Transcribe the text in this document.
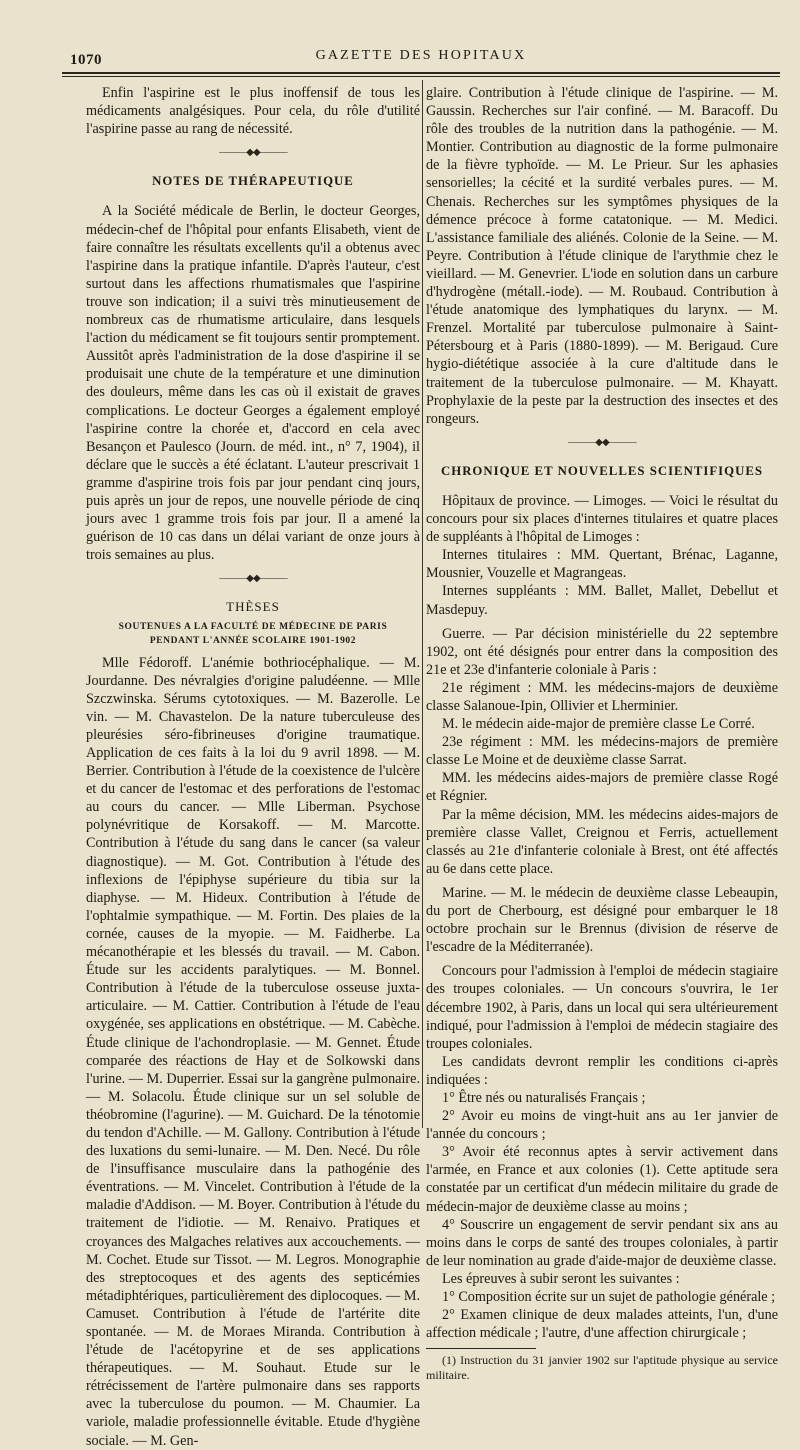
1070	GAZETTE DES HOPITAUX

Enfin l'aspirine est le plus inoffensif de tous les médicaments analgésiques. Pour cela, du rôle d'utilité l'aspirine passe au rang de nécessité.

———◆◆———
NOTES DE THÉRAPEUTIQUE

A la Société médicale de Berlin, le docteur Georges, médecin-chef de l'hôpital pour enfants Elisabeth, vient de faire connaître les résultats excellents qu'il a obtenus avec l'aspirine dans la pratique infantile. D'après l'auteur, c'est surtout dans les affections rhumatismales que l'aspirine trouve son indication; il a suivi très minutieusement de nombreux cas de rhumatisme articulaire, dans lesquels l'action du médicament se fit toujours sentir promptement. Aussitôt après l'administration de la dose d'aspirine il se produisait une chute de la température et une diminution des douleurs, même dans les cas où il existait de graves complications. Le docteur Georges a également employé l'aspirine contre la chorée et, d'accord en cela avec Besançon et Paulesco (Journ. de méd. int., n° 7, 1904), il déclare que le succès a été éclatant. L'auteur prescrivait 1 gramme d'aspirine trois fois par jour pendant cinq jours, puis après un jour de repos, une nouvelle période de cinq jours avec 1 gramme trois fois par jour. Il a amené la guérison de 10 cas dans un délai variant de onze jours à trois semaines au plus.

———◆◆———
THÈSES
SOUTENUES A LA FACULTÉ DE MÉDECINE DE PARIS
PENDANT L'ANNÉE SCOLAIRE 1901-1902

Mlle Fédoroff. L'anémie bothriocéphalique. — M. Jourdanne. Des névralgies d'origine paludéenne. — Mlle Szczwinska. Sérums cytotoxiques. — M. Bazerolle. Le vin. — M. Chavastelon. De la nature tuberculeuse des pleurésies séro-fibrineuses d'origine traumatique. Application de ces faits à la loi du 9 avril 1898. — M. Berrier. Contribution à l'étude de la coexistence de l'ulcère et du cancer de l'estomac et des perforations de l'estomac au cours du cancer. — Mlle Liberman. Psychose polynévritique de Korsakoff. — M. Marcotte. Contribution à l'étude du sang dans le cancer (sa valeur diagnostique). — M. Got. Contribution à l'étude des inflexions de l'épiphyse supérieure du tibia sur la diaphyse. — M. Hideux. Contribution à l'étude de l'ophtalmie sympathique. — M. Fortin. Des plaies de la cornée, causes de la myopie. — M. Faidherbe. La mécanothérapie et les blessés du travail. — M. Cabon. Étude sur les accidents paralytiques. — M. Bonnel. Contribution à l'étude de la tuberculose osseuse juxta-articulaire. — M. Cattier. Contribution à l'étude de l'eau oxygénée, ses applications en obstétrique. — M. Cabèche. Étude clinique de l'achondroplasie. — M. Gennet. Étude comparée des réactions de Hay et de Solkowski dans l'urine. — M. Duperrier. Essai sur la gangrène pulmonaire. — M. Solacolu. Étude clinique sur un sel soluble de théobromine (l'agurine). — M. Guichard. De la ténotomie du tendon d'Achille. — M. Gallony. Contribution à l'étude des luxations du semi-lunaire. — M. Den. Necé. Du rôle de l'insuffisance musculaire dans la pathogénie des éventrations. — M. Vincelet. Contribution à l'étude de la maladie d'Addison. — M. Boyer. Contribution à l'étude du traitement de l'idiotie. — M. Renaivo. Pratiques et croyances des Malgaches relatives aux accouchements. — M. Cochet. Etude sur Tissot. — M. Legros. Monographie des streptocoques et des agents des septicémies métadiphtériques, particulièrement des diplocoques. — M. Camuset. Contribution à l'étude de l'artérite dite spontanée. — M. de Moraes Miranda. Contribution à l'étude de l'acétopyrine et de ses applications thérapeutiques. — M. Souhaut. Etude sur le rétrécissement de l'artère pulmonaire dans ses rapports avec la tuberculose du poumon. — M. Chaumier. La variole, maladie professionnelle évitable. Etude d'hygiène sociale. — M. Gen-

glaire. Contribution à l'étude clinique de l'aspirine. — M. Gaussin. Recherches sur l'air confiné. — M. Baracoff. Du rôle des troubles de la nutrition dans la pathogénie. — M. Montier. Contribution au diagnostic de la forme pulmonaire de la fièvre typhoïde. — M. Le Prieur. Sur les aphasies sensorielles; la cécité et la surdité verbales pures. — M. Chenais. Recherches sur les symptômes physiques de la démence précoce à forme catatonique. — M. Medici. L'assistance familiale des aliénés. Colonie de la Seine. — M. Peyre. Contribution à l'étude clinique de l'arythmie chez le vieillard. — M. Genevrier. L'iode en solution dans un carbure d'hydrogène (métall.-iode). — M. Roubaud. Contribution à l'étude anatomique des lymphatiques du larynx. — M. Frenzel. Mortalité par tuberculose pulmonaire à Saint-Pétersbourg et à Paris (1880-1899). — M. Berigaud. Cure hygio-diététique associée à la cure d'altitude dans le traitement de la tuberculose pulmonaire. — M. Khayatt. Prophylaxie de la peste par la destruction des insectes et des rongeurs.

———◆◆———
CHRONIQUE ET NOUVELLES SCIENTIFIQUES

Hôpitaux de province. — Limoges. — Voici le résultat du concours pour six places d'internes titulaires et quatre places de suppléants à l'hôpital de Limoges :

Internes titulaires : MM. Quertant, Brénac, Laganne, Mousnier, Vouzelle et Magrangeas.

Internes suppléants : MM. Ballet, Mallet, Debellut et Masdepuy.

Guerre. — Par décision ministérielle du 22 septembre 1902, ont été désignés pour entrer dans la composition des 21e et 23e d'infanterie coloniale à Paris :

21e régiment : MM. les médecins-majors de deuxième classe Salanoue-Ipin, Ollivier et Lherminier.

M. le médecin aide-major de première classe Le Corré.

23e régiment : MM. les médecins-majors de première classe Le Moine et de deuxième classe Sarrat.

MM. les médecins aides-majors de première classe Rogé et Régnier.

Par la même décision, MM. les médecins aides-majors de première classe Vallet, Creignou et Ferris, actuellement classés au 21e d'infanterie coloniale à Brest, ont été affectés au 6e dans cette place.

Marine. — M. le médecin de deuxième classe Lebeaupin, du port de Cherbourg, est désigné pour embarquer le 18 octobre prochain sur le Brennus (division de réserve de l'escadre de la Méditerranée).

Concours pour l'admission à l'emploi de médecin stagiaire des troupes coloniales. — Un concours s'ouvrira, le 1er décembre 1902, à Paris, dans un local qui sera ultérieurement indiqué, pour l'admission à l'emploi de médecin stagiaire des troupes coloniales.

Les candidats devront remplir les conditions ci-après indiquées :

1° Être nés ou naturalisés Français ;

2° Avoir eu moins de vingt-huit ans au 1er janvier de l'année du concours ;

3° Avoir été reconnus aptes à servir activement dans l'armée, en France et aux colonies (1). Cette aptitude sera constatée par un certificat d'un médecin militaire du grade de médecin-major de deuxième classe au moins ;

4° Souscrire un engagement de servir pendant six ans au moins dans le corps de santé des troupes coloniales, à partir de leur nomination au grade d'aide-major de deuxième classe.

Les épreuves à subir seront les suivantes :

1° Composition écrite sur un sujet de pathologie générale ;

2° Examen clinique de deux malades atteints, l'un, d'une affection médicale ; l'autre, d'une affection chirurgicale ;

(1) Instruction du 31 janvier 1902 sur l'aptitude physique au service militaire.
